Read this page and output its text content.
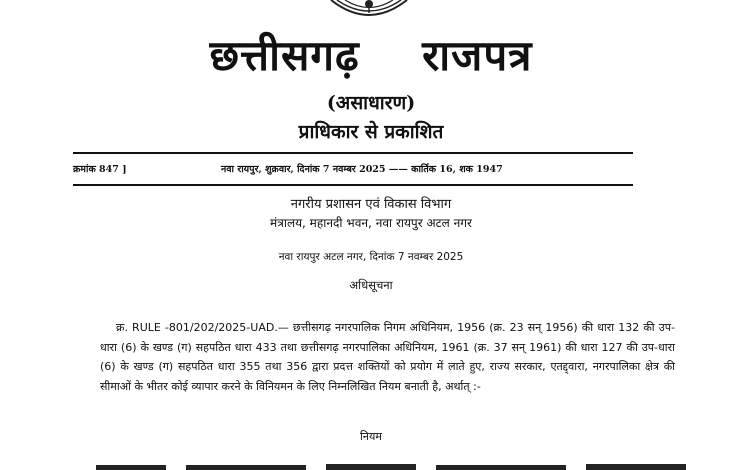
छत्तीसगढ़    राजपत्र
(असाधारण)
प्राधिकार से प्रकाशित
क्रमांक 847 ]	नवा रायपुर, शुक्रवार, दिनांक 7 नवम्बर 2025 —— कार्तिक 16, शक 1947
नगरीय प्रशासन एवं विकास विभाग
मंत्रालय, महानदी भवन, नवा रायपुर अटल नगर
नवा रायपुर अटल नगर, दिनांक 7 नवम्बर 2025
अधिसूचना
क्र. RULE -801/202/2025-UAD.— छत्तीसगढ़ नगरपालिक निगम अधिनियम, 1956 (क्र. 23 सन् 1956) की धारा 132 की उप-धारा (6) के खण्ड (ग) सहपठित धारा 433 तथा छत्तीसगढ़ नगरपालिका अधिनियम, 1961 (क्र. 37 सन् 1961) की धारा 127 की उप-धारा (6) के खण्ड (ग) सहपठित धारा 355 तथा 356 द्वारा प्रदत्त शक्तियों को प्रयोग में लाते हुए, राज्य सरकार, एतद्द्वारा, नगरपालिका क्षेत्र की सीमाओं के भीतर कोई व्यापार करने के विनियमन के लिए निम्नलिखित नियम बनाती है, अर्थात् :-
नियम
